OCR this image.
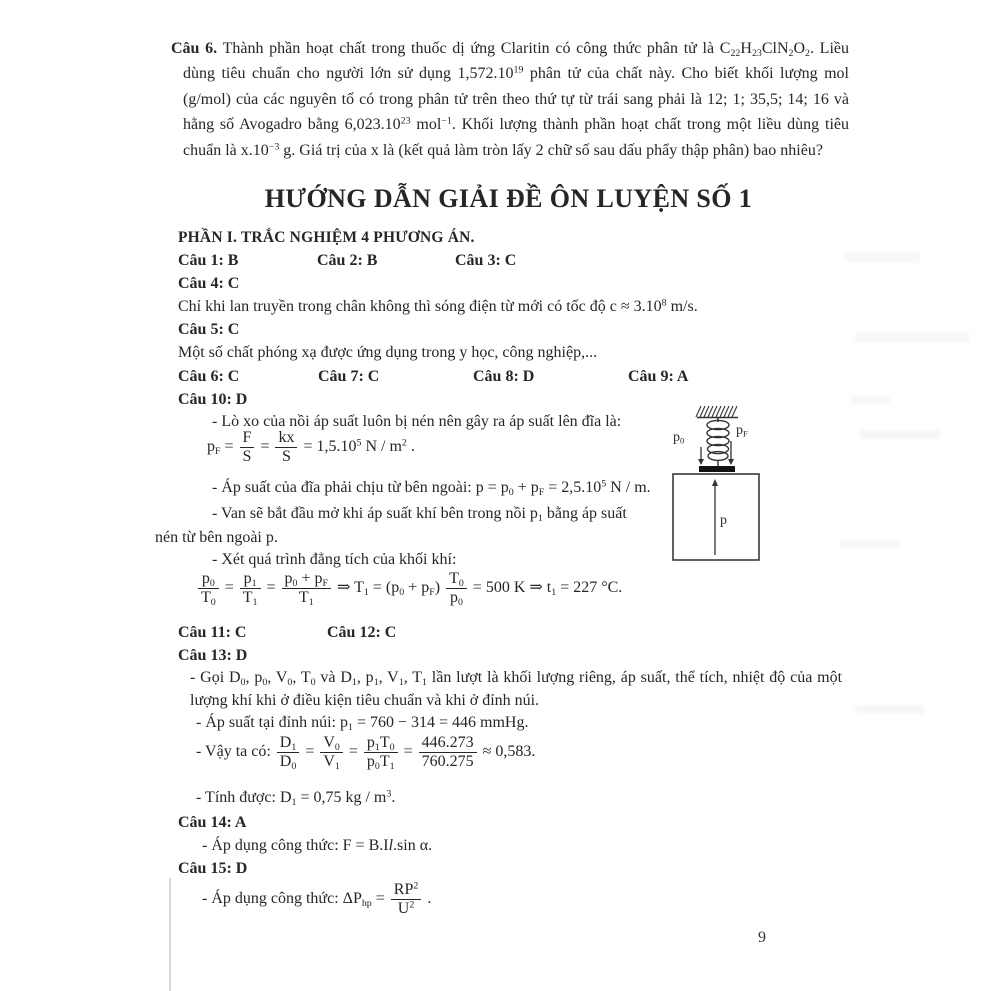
Câu 6. Thành phần hoạt chất trong thuốc dị ứng Claritin có công thức phân tử là $C_{22}H_{23}ClN_2O_2$. Liều dùng tiêu chuẩn cho người lớn sử dụng 1,572.10$^{19}$ phân tử của chất này. Cho biết khối lượng mol (g/mol) của các nguyên tố có trong phân tử trên theo thứ tự từ trái sang phải là 12; 1; 35,5; 14; 16 và hằng số Avogadro bằng 6,023.10$^{23}$ mol$^{-1}$. Khối lượng thành phần hoạt chất trong một liều dùng tiêu chuẩn là $x.10^{-3}$ g. Giá trị của x là (kết quả làm tròn lấy 2 chữ số sau dấu phẩy thập phân) bao nhiêu?
HƯỚNG DẪN GIẢI ĐỀ ÔN LUYỆN SỐ 1
PHẦN I. TRẮC NGHIỆM 4 PHƯƠNG ÁN.
Câu 1: B	Câu 2: B	Câu 3: C
Câu 4: C
Chỉ khi lan truyền trong chân không thì sóng điện từ mới có tốc độ $c \approx 3.10^8$ m/s.
Câu 5: C
Một số chất phóng xạ được ứng dụng trong y học, công nghiệp,...
Câu 6: C	Câu 7: C	Câu 8: D	Câu 9: A
Câu 10: D
- Lò xo của nồi áp suất luôn bị nén nên gây ra áp suất lên đĩa là:
$p_F = \frac{F}{S} = \frac{kx}{S} = 1,5.10^5$ N / $m^2$ .
- Áp suất của đĩa phải chịu từ bên ngoài: $p = p_0 + p_F = 2,5.10^5$ N / m.
- Van sẽ bắt đầu mở khi áp suất khí bên trong nồi $p_1$ bằng áp suất
nén từ bên ngoài p.
- Xét quá trình đẳng tích của khối khí:
$\frac{p_0}{T_0} = \frac{p_1}{T_1} = \frac{p_0 + p_F}{T_1}$ ⇒ $T_1 = (p_0 + p_F) \frac{T_0}{p_0} = 500$ K ⇒ $t_1 = 227$ °C.
$p_0$
$p_F$
p
Câu 11: C	Câu 12: C
Câu 13: D
- Gọi $D_0$, $p_0$, $V_0$, $T_0$ và $D_1$, $p_1$, $V_1$, $T_1$ lần lượt là khối lượng riêng, áp suất, thể tích, nhiệt độ của một lượng khí khi ở điều kiện tiêu chuẩn và khi ở đỉnh núi.
- Áp suất tại đỉnh núi: $p_1 = 760 - 314 = 446$ mmHg.
- Vậy ta có: $\frac{D_1}{D_0} = \frac{V_0}{V_1} = \frac{p_1T_0}{p_0T_1} = \frac{446.273}{760.275} \approx 0,583$.
- Tính được: $D_1 = 0,75$ kg / $m^3$.
Câu 14: A
- Áp dụng công thức: F = B.Il.sin α.
Câu 15: D
- Áp dụng công thức: $\Delta P_{hp} = \frac{RP^2}{U^2}$ .
9
